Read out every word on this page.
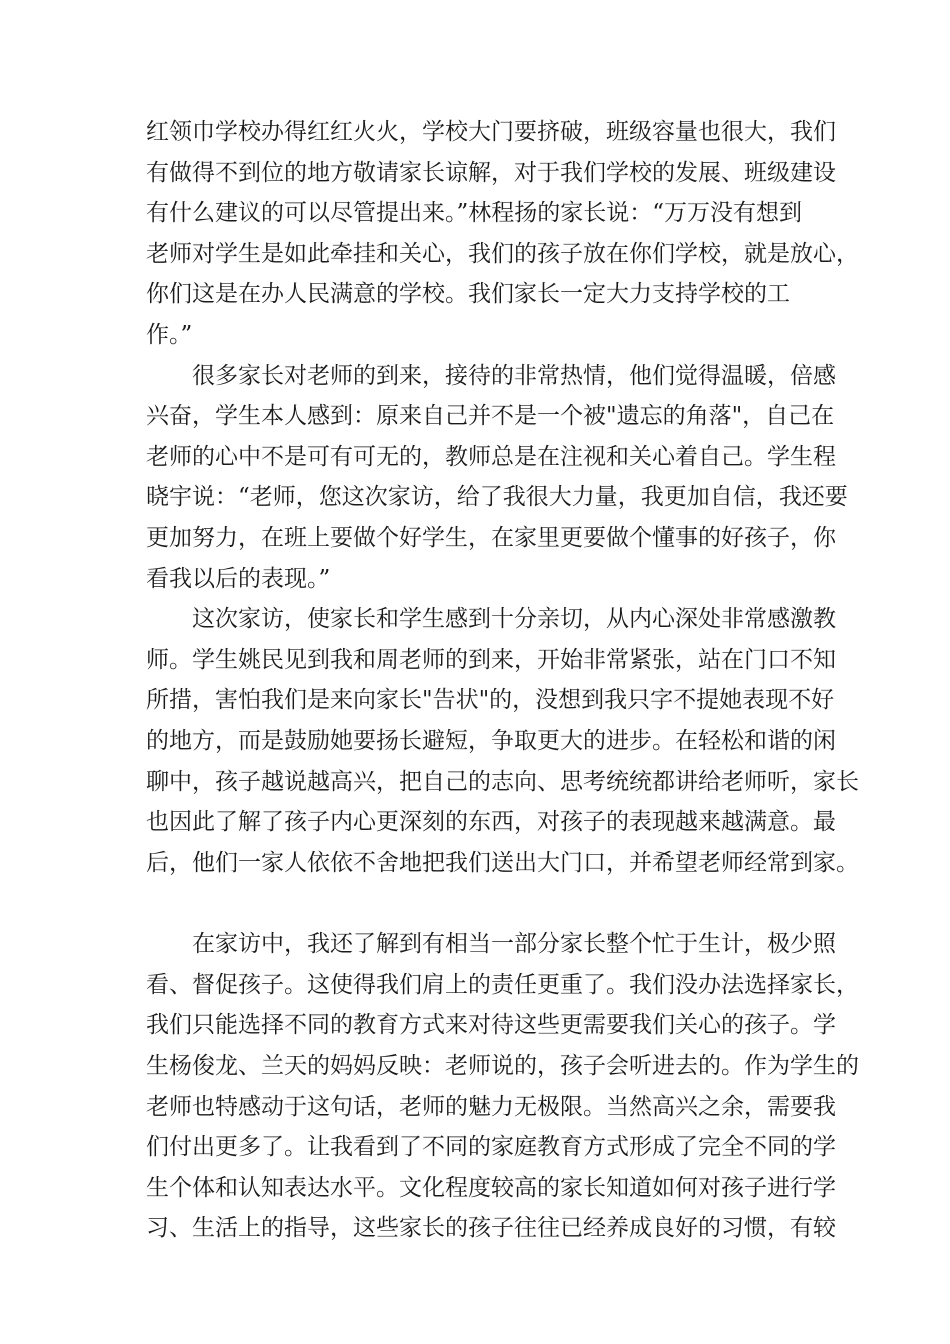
红领巾学校办得红红火火，学校大门要挤破，班级容量也很大，我们
有做得不到位的地方敬请家长谅解，对于我们学校的发展、班级建设
有什么建议的可以尽管提出来。”林程扬的家长说：“万万没有想到
老师对学生是如此牵挂和关心，我们的孩子放在你们学校，就是放心，
你们这是在办人民满意的学校。我们家长一定大力支持学校的工
作。”
很多家长对老师的到来，接待的非常热情，他们觉得温暖，倍感
兴奋，学生本人感到：原来自己并不是一个被"遗忘的角落"，自己在
老师的心中不是可有可无的，教师总是在注视和关心着自己。学生程
晓宇说：“老师，您这次家访，给了我很大力量，我更加自信，我还要
更加努力，在班上要做个好学生，在家里更要做个懂事的好孩子，你
看我以后的表现。”
这次家访，使家长和学生感到十分亲切，从内心深处非常感激教
师。学生姚民见到我和周老师的到来，开始非常紧张，站在门口不知
所措，害怕我们是来向家长"告状"的，没想到我只字不提她表现不好
的地方，而是鼓励她要扬长避短，争取更大的进步。在轻松和谐的闲
聊中，孩子越说越高兴，把自己的志向、思考统统都讲给老师听，家长
也因此了解了孩子内心更深刻的东西，对孩子的表现越来越满意。最
后，他们一家人依依不舍地把我们送出大门口，并希望老师经常到家。
在家访中，我还了解到有相当一部分家长整个忙于生计，极少照
看、督促孩子。这使得我们肩上的责任更重了。我们没办法选择家长，
我们只能选择不同的教育方式来对待这些更需要我们关心的孩子。学
生杨俊龙、兰天的妈妈反映：老师说的，孩子会听进去的。作为学生的
老师也特感动于这句话，老师的魅力无极限。当然高兴之余，需要我
们付出更多了。让我看到了不同的家庭教育方式形成了完全不同的学
生个体和认知表达水平。文化程度较高的家长知道如何对孩子进行学
习、生活上的指导，这些家长的孩子往往已经养成良好的习惯，有较
